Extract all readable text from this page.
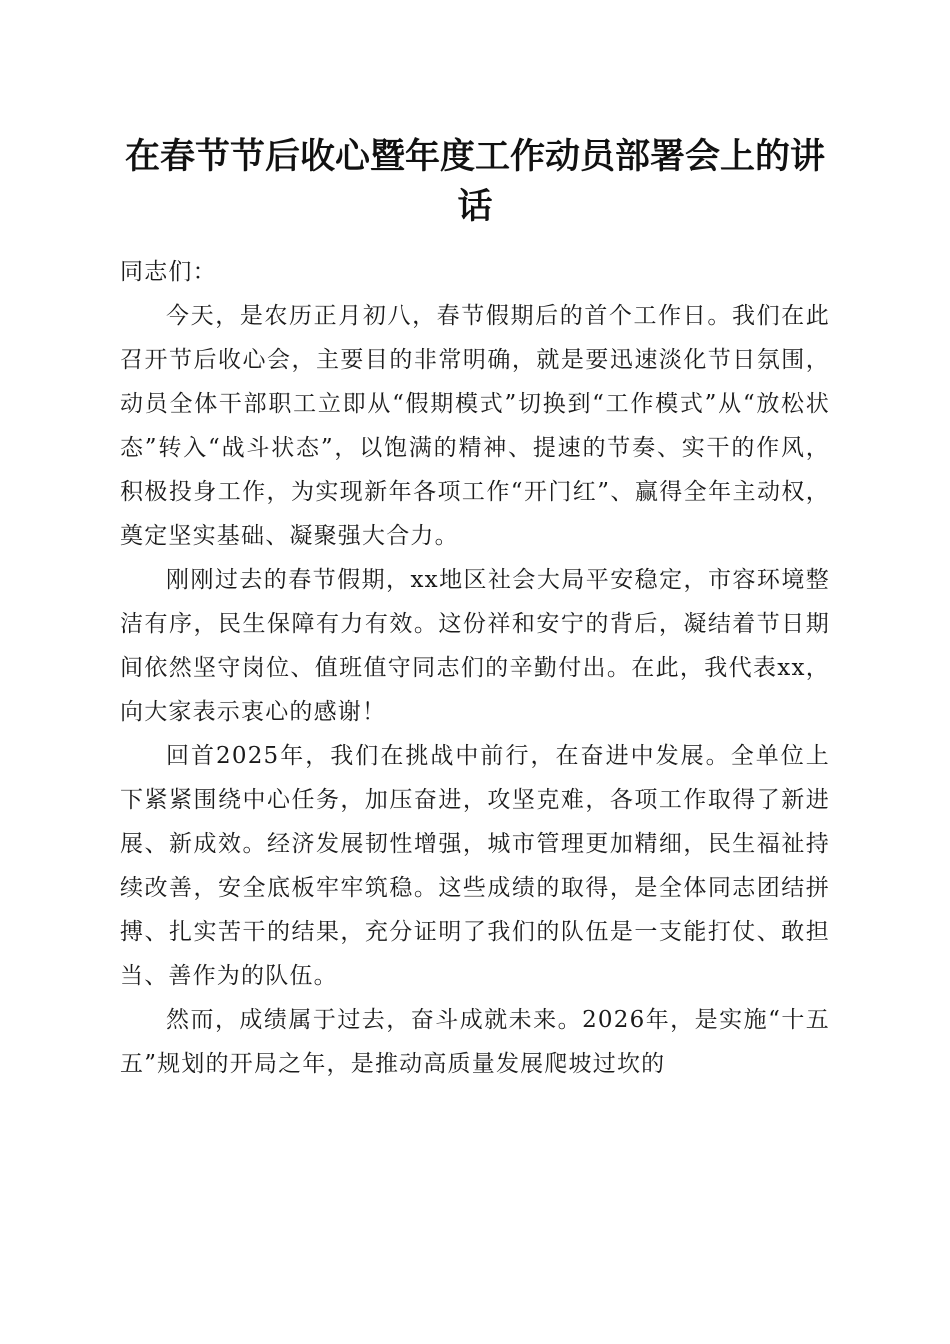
在春节节后收心暨年度工作动员部署会上的讲话

同志们：

今天，是农历正月初八，春节假期后的首个工作日。我们在此召开节后收心会，主要目的非常明确，就是要迅速淡化节日氛围，动员全体干部职工立即从“假期模式”切换到“工作模式”从“放松状态”转入“战斗状态”，以饱满的精神、提速的节奏、实干的作风，积极投身工作，为实现新年各项工作“开门红”、赢得全年主动权，奠定坚实基础、凝聚强大合力。

刚刚过去的春节假期，xx地区社会大局平安稳定，市容环境整洁有序，民生保障有力有效。这份祥和安宁的背后，凝结着节日期间依然坚守岗位、值班值守同志们的辛勤付出。在此，我代表xx，向大家表示衷心的感谢！

回首2025年，我们在挑战中前行，在奋进中发展。全单位上下紧紧围绕中心任务，加压奋进，攻坚克难，各项工作取得了新进展、新成效。经济发展韧性增强，城市管理更加精细，民生福祉持续改善，安全底板牢牢筑稳。这些成绩的取得，是全体同志团结拼搏、扎实苦干的结果，充分证明了我们的队伍是一支能打仗、敢担当、善作为的队伍。

然而，成绩属于过去，奋斗成就未来。2026年，是实施“十五五”规划的开局之年，是推动高质量发展爬坡过坎的
